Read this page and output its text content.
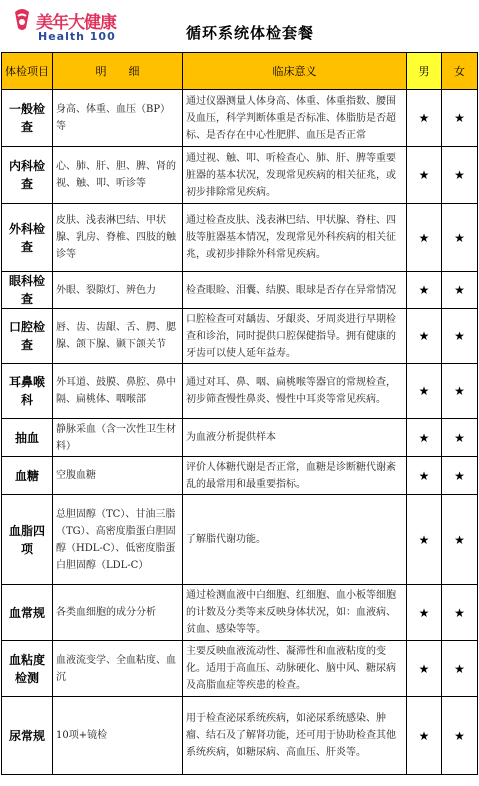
美年大健康
Health 100	循环系统体检套餐
体检项目	明　　细	临床意义	男	女
一般检查	身高、体重、血压（BP）等	通过仪器测量人体身高、体重、体重指数、腰围及血压，科学判断体重是否标准、体脂肪是否超标、是否存在中心性肥胖、血压是否正常	★	★
内科检查	心、肺、肝、胆、脾、肾的视、触、叩、听诊等	通过视、触、叩、听检查心、肺、肝、脾等重要脏器的基本状况，发现常见疾病的相关征兆，或初步排除常见疾病。	★	★
外科检查	皮肤、浅表淋巴结、甲状腺、乳房、脊椎、四肢的触诊等	通过检查皮肤、浅表淋巴结、甲状腺、脊柱、四肢等脏器基本情况，发现常见外科疾病的相关征兆，或初步排除外科常见疾病。	★	★
眼科检查	外眼、裂隙灯、辨色力	检查眼睑、泪囊、结膜、眼球是否存在异常情况	★	★
口腔检查	唇、齿、齿龈、舌、腭、腮腺、颌下腺、颞下颌关节	口腔检查可对龋齿、牙龈炎、牙周炎进行早期检查和诊治，同时提供口腔保健指导。拥有健康的牙齿可以使人延年益寿。	★	★
耳鼻喉科	外耳道、鼓膜、鼻腔、鼻中隔、扁桃体、咽喉部	通过对耳、鼻、咽、扁桃喉等器官的常规检查，初步筛查慢性鼻炎、慢性中耳炎等常见疾病。	★	★
抽血	静脉采血（含一次性卫生材料）	为血液分析提供样本	★	★
血糖	空腹血糖	评价人体糖代谢是否正常，血糖是诊断糖代谢紊乱的最常用和最重要指标。	★	★
血脂四项	总胆固醇（TC）、甘油三脂（TG）、高密度脂蛋白胆固醇（HDL-C）、低密度脂蛋白胆固醇（LDL-C）	了解脂代谢功能。	★	★
血常规	各类血细胞的成分分析	通过检测血液中白细胞、红细胞、血小板等细胞的计数及分类等来反映身体状况，如：血液病、贫血、感染等等。	★	★
血粘度检测	血液流变学、全血粘度、血沉	主要反映血液流动性、凝滞性和血液粘度的变化。适用于高血压、动脉硬化、脑中风、糖尿病及高脂血症等疾患的检查。	★	★
尿常规	10项+镜检	用于检查泌尿系统疾病，如泌尿系统感染、肿瘤、结石及了解肾功能，还可用于协助检查其他系统疾病，如糖尿病、高血压、肝炎等。	★	★
